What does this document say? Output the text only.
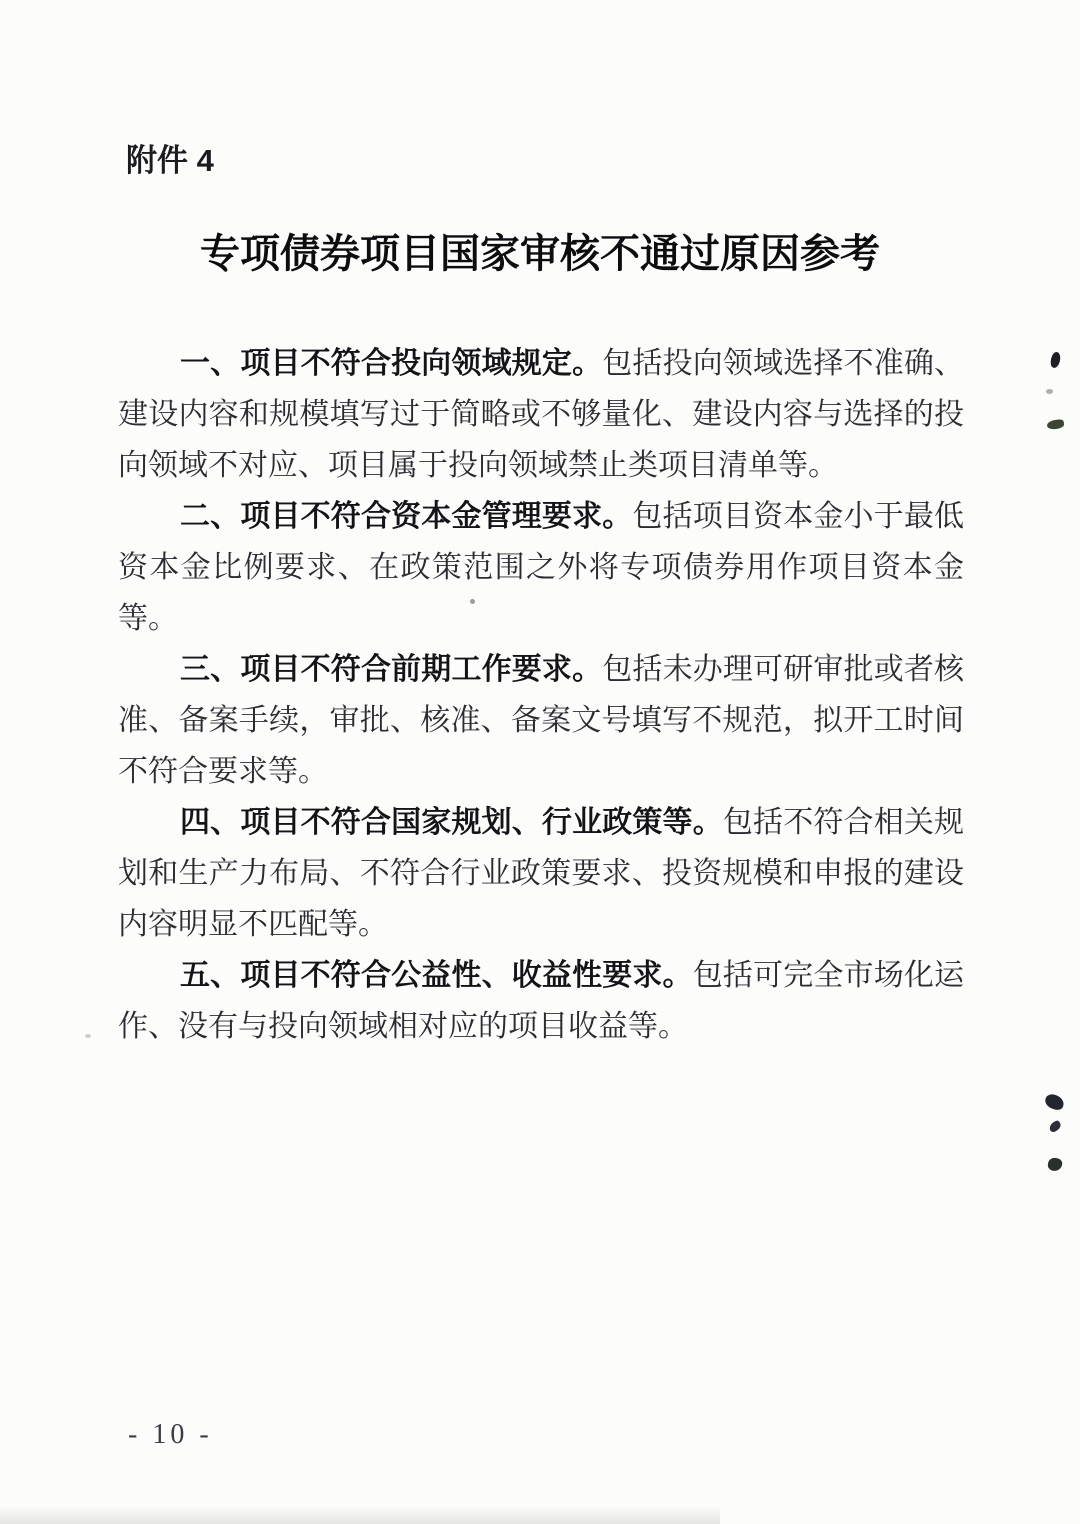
附件 4
专项债券项目国家审核不通过原因参考
一、项目不符合投向领域规定。包括投向领域选择不准确、
建设内容和规模填写过于简略或不够量化、建设内容与选择的投
向领域不对应、项目属于投向领域禁止类项目清单等。
二、项目不符合资本金管理要求。包括项目资本金小于最低
资本金比例要求、在政策范围之外将专项债券用作项目资本金
等。
三、项目不符合前期工作要求。包括未办理可研审批或者核
准、备案手续，审批、核准、备案文号填写不规范，拟开工时间
不符合要求等。
四、项目不符合国家规划、行业政策等。包括不符合相关规
划和生产力布局、不符合行业政策要求、投资规模和申报的建设
内容明显不匹配等。
五、项目不符合公益性、收益性要求。包括可完全市场化运
作、没有与投向领域相对应的项目收益等。
- 10 -
